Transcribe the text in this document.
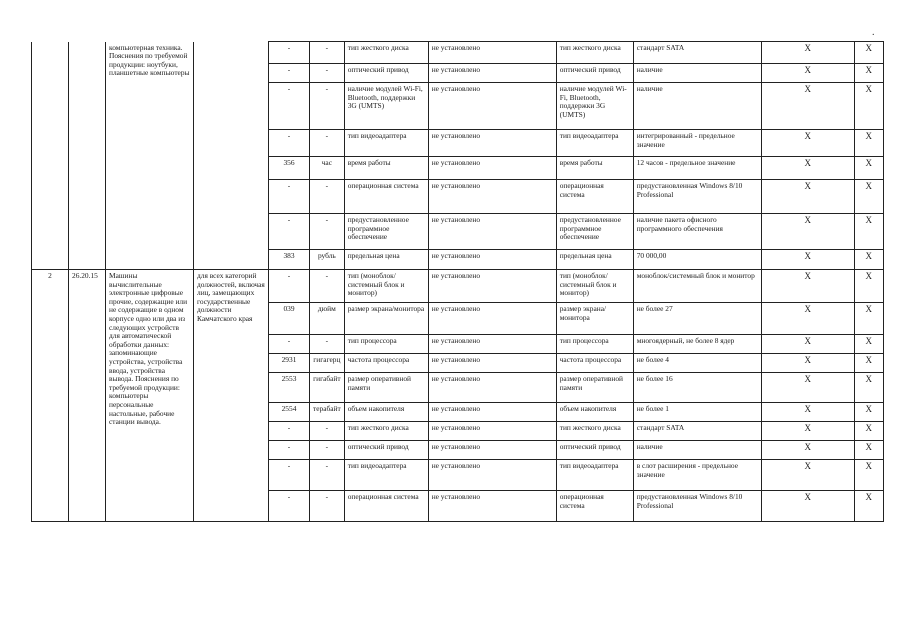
.
		компьютерная техника. Пояснения по требуемой продукции: ноутбуки, планшетные компьютеры		-	-	тип жесткого диска	не установлено	тип жесткого диска	стандарт SATA	X	X
				-	-	оптический привод	не установлено	оптический привод	наличие	X	X
				-	-	наличие модулей Wi-Fi, Bluetooth, поддержки 3G (UMTS)	не установлено	наличие модулей Wi-Fi, Bluetooth, поддержки 3G (UMTS)	наличие	X	X
				-	-	тип видеоадаптера	не установлено	тип видеоадаптера	интегрированный - предельное значение	X	X
				356	час	время работы	не установлено	время работы	12 часов - предельное значение	X	X
				-	-	операционная система	не установлено	операционная система	предустановленная Windows 8/10 Professional	X	X
				-	-	предустановленное программное обеспечение	не установлено	предустановленное программное обеспечение	наличие пакета офисного программного обеспечения	X	X
				383	рубль	предельная цена	не установлено	предельная цена	70 000,00	X	X
2	26.20.15	Машины вычислительные электронные цифровые прочие, содержащие или не содержащие в одном корпусе одно или два из следующих устройств для автоматической обработки данных: запоминающие устройства, устройства ввода, устройства вывода. Пояснения по требуемой продукции: компьютеры персональные настольные, рабочие станции вывода.	для всех категорий должностей, включая лиц, замещающих государственные должности Камчатского края	-	-	тип (моноблок/системный блок и монитор)	не установлено	тип (моноблок/системный блок и монитор)	моноблок/системный блок и монитор	X	X
				039	дюйм	размер экрана/монитора	не установлено	размер экрана/монитора	не более 27	X	X
				-	-	тип процессора	не установлено	тип процессора	многоядерный, не более 8 ядер	X	X
				2931	гигагерц	частота процессора	не установлено	частота процессора	не более 4	X	X
				2553	гигабайт	размер оперативной памяти	не установлено	размер оперативной памяти	не более 16	X	X
				2554	терабайт	объем накопителя	не установлено	объем накопителя	не более 1	X	X
				-	-	тип жесткого диска	не установлено	тип жесткого диска	стандарт SATA	X	X
				-	-	оптический привод	не установлено	оптический привод	наличие	X	X
				-	-	тип видеоадаптера	не установлено	тип видеоадаптера	в слот расширения - предельное значение	X	X
				-	-	операционная система	не установлено	операционная система	предустановленная Windows 8/10 Professional	X	X
